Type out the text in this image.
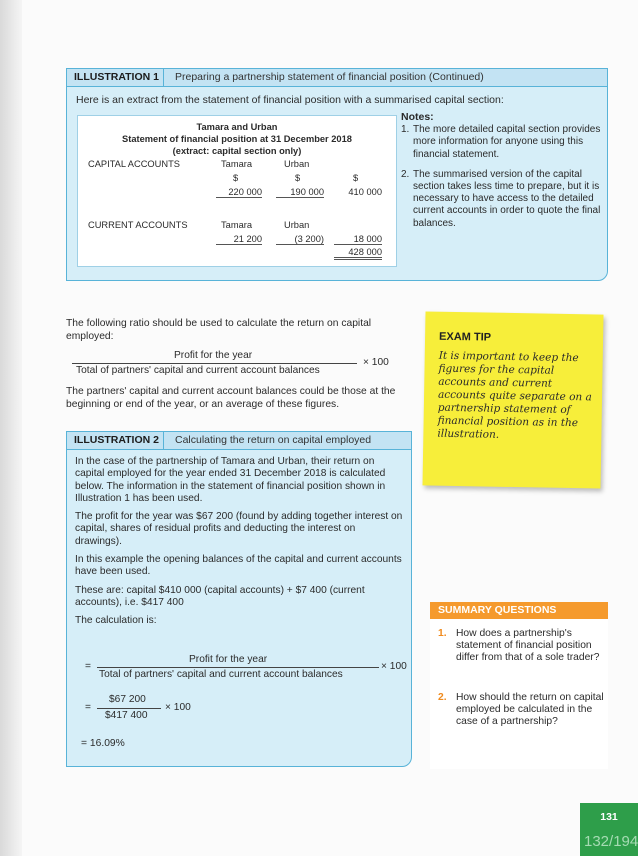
ILLUSTRATION 1	Preparing a partnership statement of financial position (Continued)
Here is an extract from the statement of financial position with a summarised capital section:
Tamara and Urban
Statement of financial position at 31 December 2018
(extract: capital section only)
CAPITAL ACCOUNTS	Tamara	Urban
$	$	$
220 000	190 000	410 000
CURRENT ACCOUNTS	Tamara	Urban
21 200	(3 200)	18 000
428 000
Notes:
1. The more detailed capital section provides more information for anyone using this financial statement.
2. The summarised version of the capital section takes less time to prepare, but it is necessary to have access to the detailed current accounts in order to quote the final balances.
The following ratio should be used to calculate the return on capital employed:
Profit for the year
Total of partners' capital and current account balances
× 100
The partners' capital and current account balances could be those at the beginning or end of the year, or an average of these figures.
EXAM TIP
It is important to keep the figures for the capital accounts and current accounts quite separate on a partnership statement of financial position as in the illustration.
ILLUSTRATION 2	Calculating the return on capital employed

In the case of the partnership of Tamara and Urban, their return on capital employed for the year ended 31 December 2018 is calculated below. The information in the statement of financial position shown in Illustration 1 has been used.

The profit for the year was $67 200 (found by adding together interest on capital, shares of residual profits and deducting the interest on drawings).

In this example the opening balances of the capital and current accounts have been used.

These are: capital $410 000 (capital accounts) + $7 400 (current accounts), i.e. $417 400

The calculation is:

=
Profit for the year
Total of partners' capital and current account balances
× 100
=
$67 200
$417 400
× 100
= 16.09%
SUMMARY QUESTIONS
1. How does a partnership's statement of financial position differ from that of a sole trader?
2. How should the return on capital employed be calculated in the case of a partnership?
131
132/194
